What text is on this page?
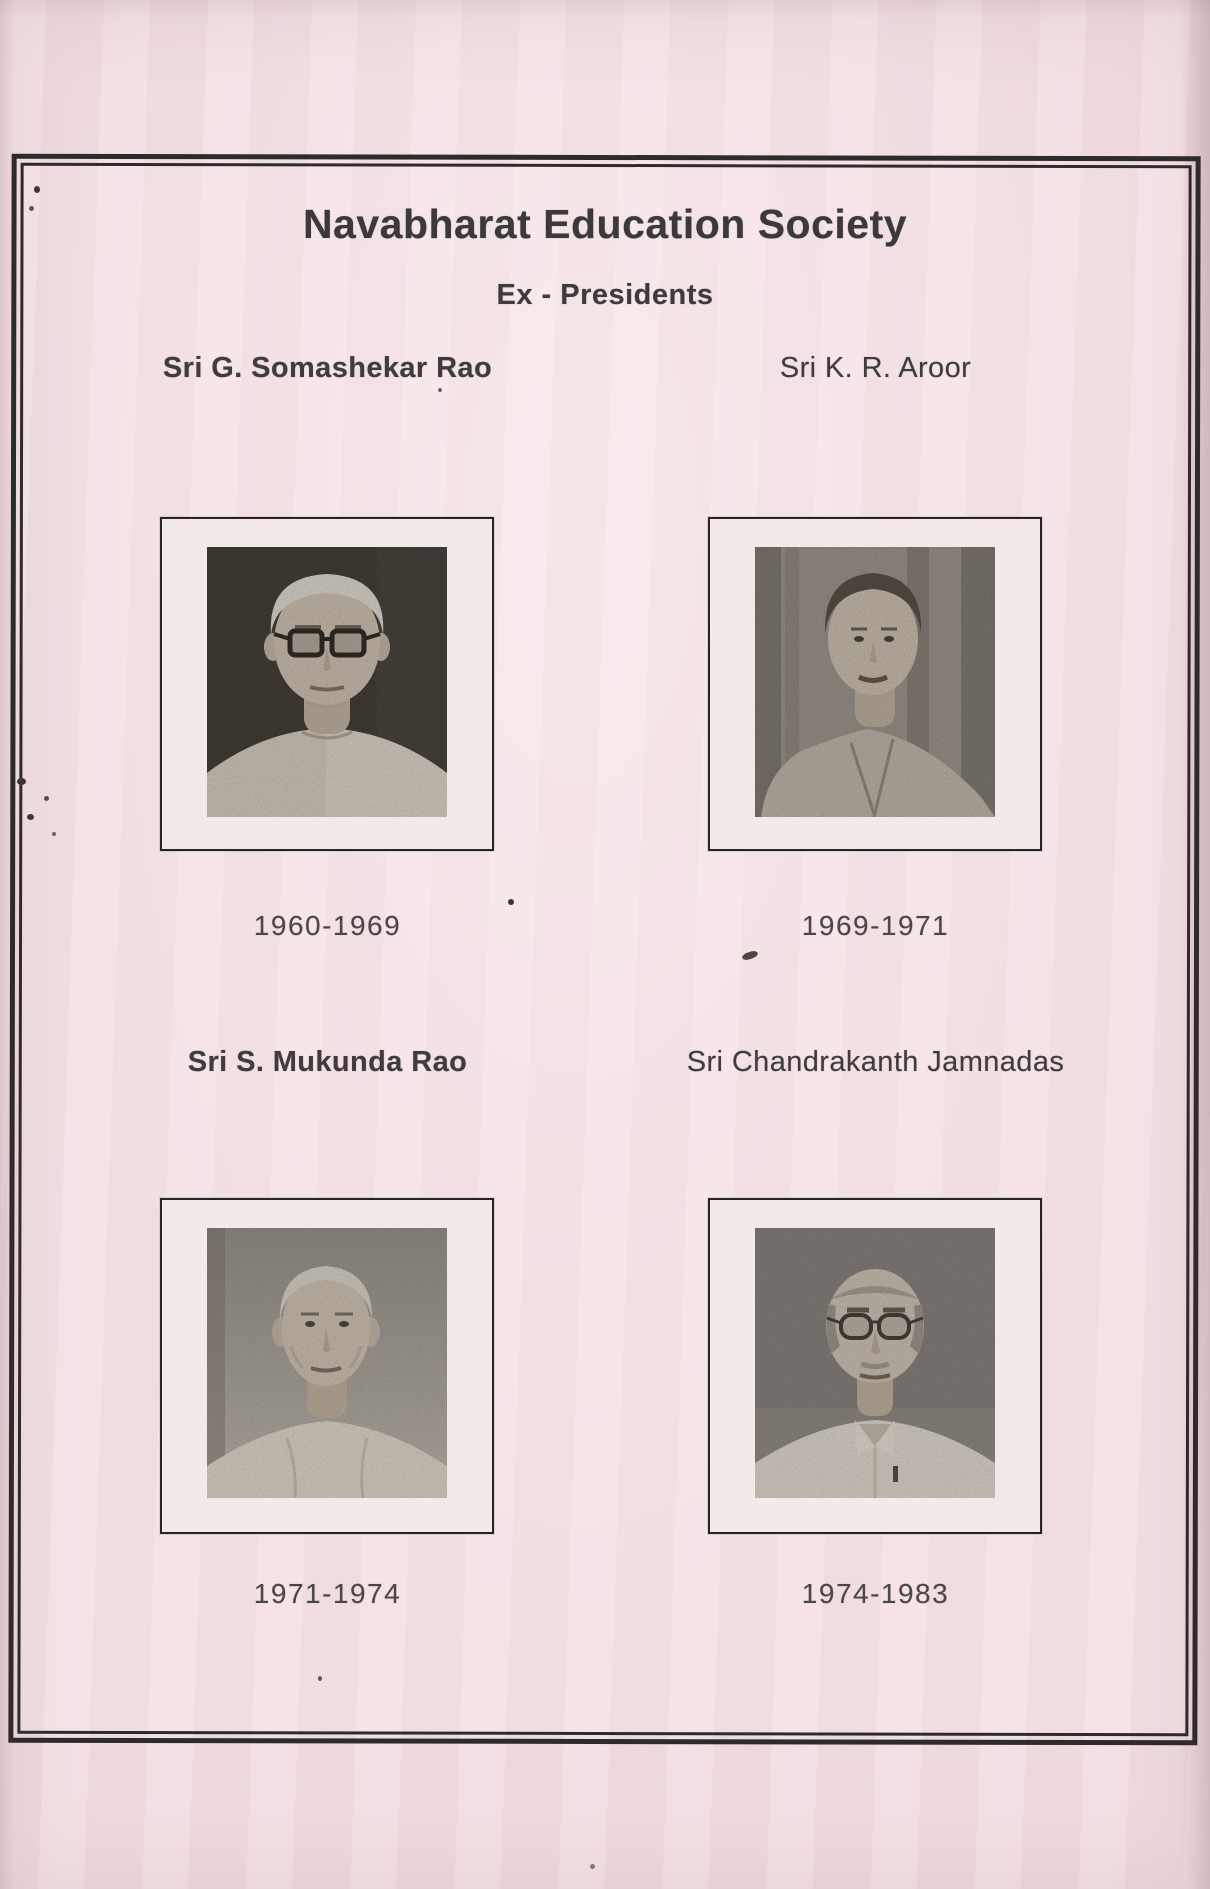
Navabharat Education Society
Ex - Presidents
Sri G. Somashekar Rao	Sri K. R. Aroor
1960-1969	1969-1971
Sri S. Mukunda Rao	Sri Chandrakanth Jamnadas
1971-1974	1974-1983
